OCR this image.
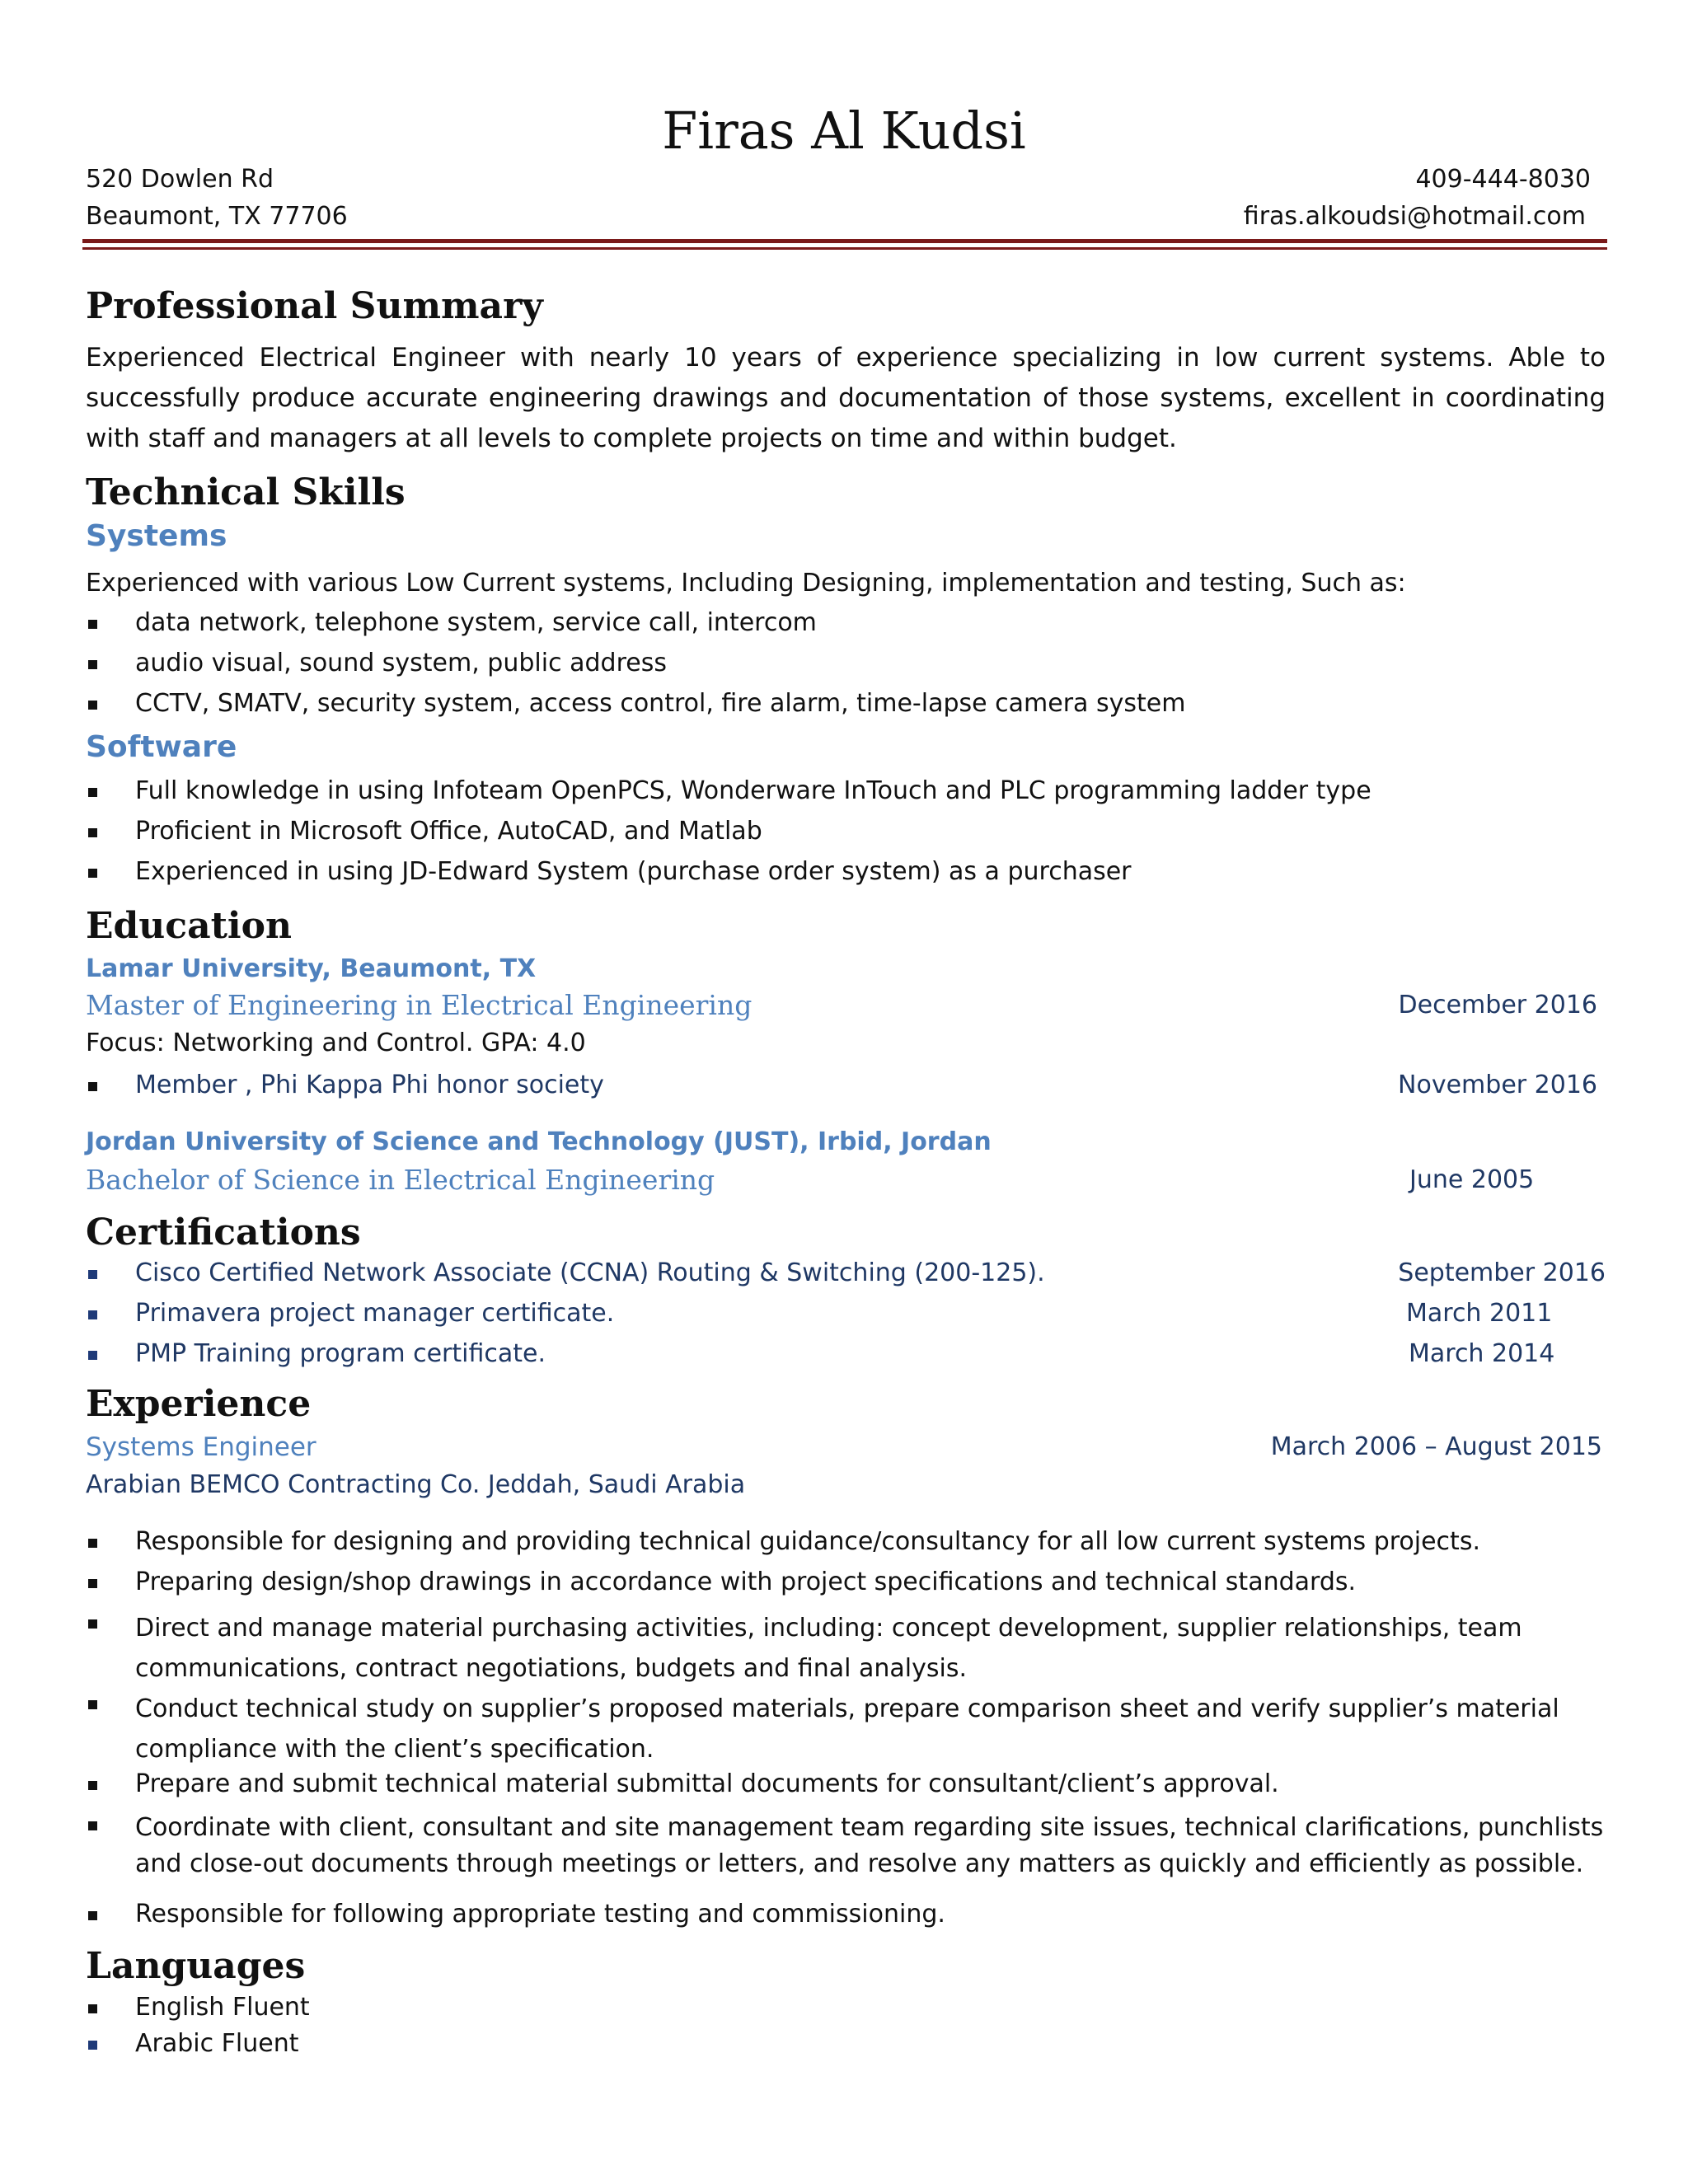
Firas Al Kudsi
520 Dowlen Rd
Beaumont, TX 77706
409-444-8030
firas.alkoudsi@hotmail.com
Professional Summary
Experienced Electrical Engineer with nearly 10 years of experience specializing in low current systems. Able to successfully produce accurate engineering drawings and documentation of those systems, excellent in coordinating with staff and managers at all levels to complete projects on time and within budget.
Technical Skills
Systems
Experienced with various Low Current systems, Including Designing, implementation and testing, Such as:
data network, telephone system, service call, intercom
audio visual, sound system, public address
CCTV, SMATV, security system, access control, fire alarm, time-lapse camera system
Software
Full knowledge in using Infoteam OpenPCS, Wonderware InTouch and PLC programming ladder type
Proficient in Microsoft Office, AutoCAD, and Matlab
Experienced in using JD-Edward System (purchase order system) as a purchaser
Education
Lamar University, Beaumont, TX
Master of Engineering in Electrical Engineering	December 2016
Focus: Networking and Control. GPA: 4.0
Member , Phi Kappa Phi honor society	November 2016
Jordan University of Science and Technology (JUST), Irbid, Jordan
Bachelor of Science in Electrical Engineering	June 2005
Certifications
Cisco Certified Network Associate (CCNA) Routing & Switching (200-125).	September 2016
Primavera project manager certificate.	March 2011
PMP Training program certificate.	March 2014
Experience
Systems Engineer	March 2006 – August 2015
Arabian BEMCO Contracting Co. Jeddah, Saudi Arabia
Responsible for designing and providing technical guidance/consultancy for all low current systems projects.
Preparing design/shop drawings in accordance with project specifications and technical standards.
Direct and manage material purchasing activities, including: concept development, supplier relationships, team communications, contract negotiations, budgets and final analysis.
Conduct technical study on supplier’s proposed materials, prepare comparison sheet and verify supplier’s material compliance with the client’s specification.
Prepare and submit technical material submittal documents for consultant/client’s approval.
Coordinate with client, consultant and site management team regarding site issues, technical clarifications, punchlists and close-out documents through meetings or letters, and resolve any matters as quickly and efficiently as possible.
Responsible for following appropriate testing and commissioning.
Languages
English Fluent
Arabic Fluent
